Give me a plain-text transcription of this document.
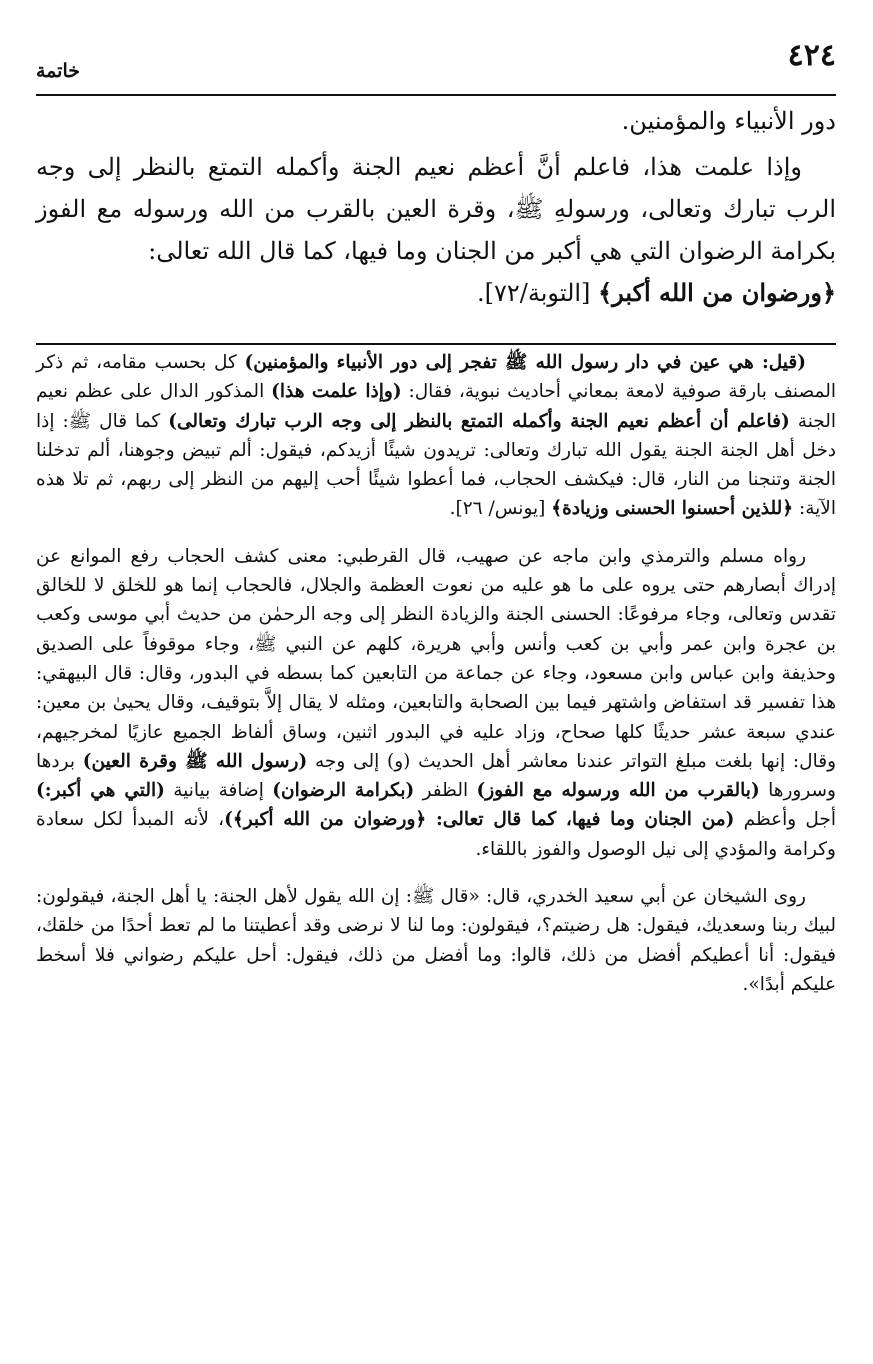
٤٢٤
خاتمة

دور الأنبياء والمؤمنين.

وإذا علمت هذا، فاعلم أنَّ أعظم نعيم الجنة وأكمله التمتع بالنظر إلى وجه الرب تبارك وتعالى، ورسولهِ ﷺ، وقرة العين بالقرب من الله ورسوله مع الفوز بكرامة الرضوان التي هي أكبر من الجنان وما فيها، كما قال الله تعالى:
﴿ورضوان من الله أكبر﴾ [التوبة/٧٢].

(قيل: هي عين في دار رسول الله ﷺ تفجر إلى دور الأنبياء والمؤمنين) كل بحسب مقامه، ثم ذكر المصنف بارقة صوفية لامعة بمعاني أحاديث نبوية، فقال: (وإذا علمت هذا) المذكور الدال على عظم نعيم الجنة (فاعلم أن أعظم نعيم الجنة وأكمله التمتع بالنظر إلى وجه الرب تبارك وتعالى) كما قال ﷺ: إذا دخل أهل الجنة الجنة يقول الله تبارك وتعالى: تريدون شيئًا أزيدكم، فيقول: ألم تبيض وجوهنا، ألم تدخلنا الجنة وتنجنا من النار، قال: فيكشف الحجاب، فما أعطوا شيئًا أحب إليهم من النظر إلى ربهم، ثم تلا هذه الآية: ﴿للذين أحسنوا الحسنى وزيادة﴾ [يونس/ ٢٦].

رواه مسلم والترمذي وابن ماجه عن صهيب، قال القرطبي: معنى كشف الحجاب رفع الموانع عن إدراك أبصارهم حتى يروه على ما هو عليه من نعوت العظمة والجلال، فالحجاب إنما هو للخلق لا للخالق تقدس وتعالى، وجاء مرفوعًا: الحسنى الجنة والزيادة النظر إلى وجه الرحمٰن من حديث أبي موسى وكعب بن عجرة وابن عمر وأبي بن كعب وأنس وأبي هريرة، كلهم عن النبي ﷺ، وجاء موقوفاً على الصديق وحذيفة وابن عباس وابن مسعود، وجاء عن جماعة من التابعين كما بسطه في البدور، وقال: قال البيهقي: هذا تفسير قد استفاض واشتهر فيما بين الصحابة والتابعين، ومثله لا يقال إلاَّ بتوقيف، وقال يحيىٰ بن معين: عندي سبعة عشر حديثًا كلها صحاح، وزاد عليه في البدور اثنين، وساق ألفاظ الجميع عازيًا لمخرجيهم، وقال: إنها بلغت مبلغ التواتر عندنا معاشر أهل الحديث (و) إلى وجه (رسول الله ﷺ وقرة العين) بردها وسرورها (بالقرب من الله ورسوله مع الفوز) الظفر (بكرامة الرضوان) إضافة بيانية (التي هي أكبر:) أجل وأعظم (من الجنان وما فيها، كما قال تعالى: ﴿ورضوان من الله أكبر﴾)، لأنه المبدأ لكل سعادة وكرامة والمؤدي إلى نيل الوصول والفوز باللقاء.

روى الشيخان عن أبي سعيد الخدري، قال: «قال ﷺ: إن الله يقول لأهل الجنة: يا أهل الجنة، فيقولون: لبيك ربنا وسعديك، فيقول: هل رضيتم؟، فيقولون: وما لنا لا نرضى وقد أعطيتنا ما لم تعط أحدًا من خلقك، فيقول: أنا أعطيكم أفضل من ذلك، قالوا: وما أفضل من ذلك، فيقول: أحل عليكم رضواني فلا أسخط عليكم أبدًا».
